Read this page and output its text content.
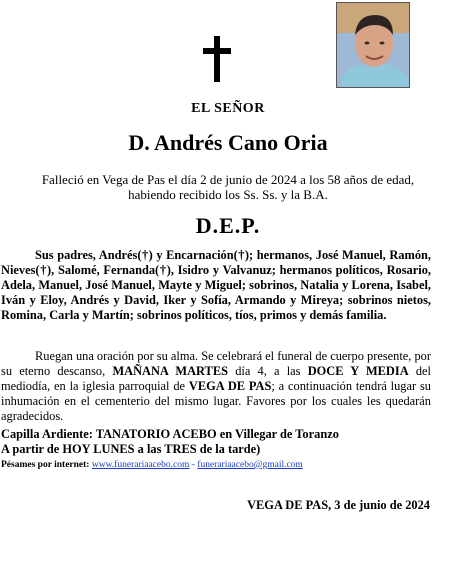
EL SEÑOR
D. Andrés Cano Oria
Falleció en Vega de Pas el día 2 de junio de 2024 a los 58 años de edad,
habiendo recibido los Ss. Ss. y la B.A.
D.E.P.
Sus padres, Andrés(†) y Encarnación(†); hermanos, José Manuel, Ramón, Nieves(†), Salomé, Fernanda(†), Isidro y Valvanuz; hermanos políticos, Rosario, Adela, Manuel, José Manuel, Mayte y Miguel; sobrinos, Natalia y Lorena, Isabel, Iván y Eloy, Andrés y David, Iker y Sofía, Armando y Mireya; sobrinos nietos, Romina, Carla y Martín; sobrinos políticos, tíos, primos y demás familia.
Ruegan una oración por su alma. Se celebrará el funeral de cuerpo presente, por su eterno descanso, MAÑANA MARTES día 4, a las DOCE Y MEDIA del mediodía, en la iglesia parroquial de VEGA DE PAS; a continuación tendrá lugar su inhumación en el cementerio del mismo lugar. Favores por los cuales les quedarán agradecidos.
Capilla Ardiente: TANATORIO ACEBO en Villegar de Toranzo
A partir de HOY LUNES a las TRES de la tarde)
Pésames por internet: www.funerariaacebo.com - funerariaacebo@gmail.com
VEGA DE PAS, 3 de junio de 2024
